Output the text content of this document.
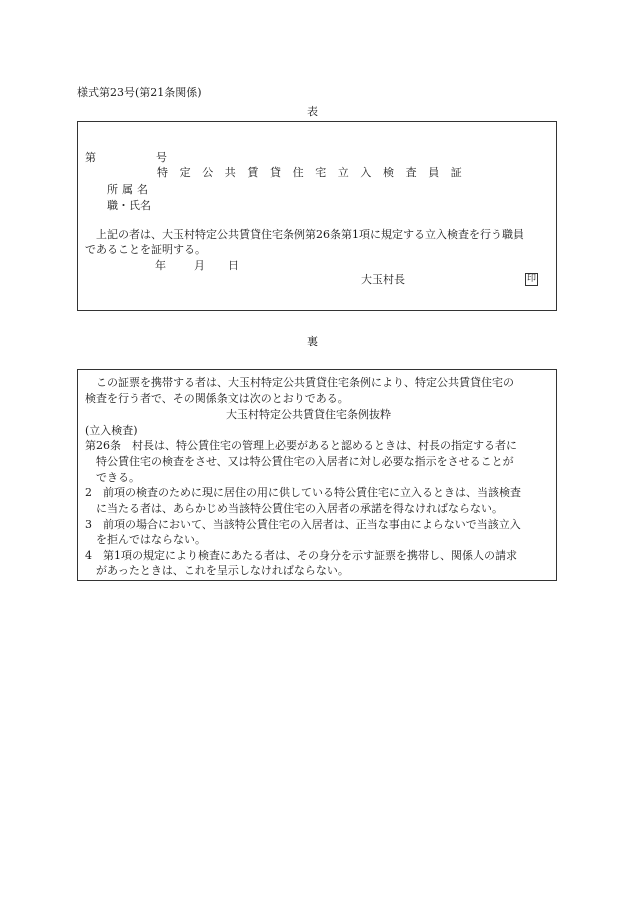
様式第23号(第21条関係)
表
第	号
特定公共賃貸住宅立入検査員証
所属名
職・氏名
上記の者は、大玉村特定公共賃貸住宅条例第26条第1項に規定する立入検査を行う職員
であることを証明する。
年	月 日
大玉村長	印
裏
この証票を携帯する者は、大玉村特定公共賃貸住宅条例により、特定公共賃貸住宅の
検査を行う者で、その関係条文は次のとおりである。
大玉村特定公共賃貸住宅条例抜粋
(立入検査)
第26条　村長は、特公賃住宅の管理上必要があると認めるときは、村長の指定する者に
特公賃住宅の検査をさせ、又は特公賃住宅の入居者に対し必要な指示をさせることが
できる。
2　前項の検査のために現に居住の用に供している特公賃住宅に立入るときは、当該検査
に当たる者は、あらかじめ当該特公賃住宅の入居者の承諾を得なければならない。
3　前項の場合において、当該特公賃住宅の入居者は、正当な事由によらないで当該立入
を拒んではならない。
4　第1項の規定により検査にあたる者は、その身分を示す証票を携帯し、関係人の請求
があったときは、これを呈示しなければならない。
